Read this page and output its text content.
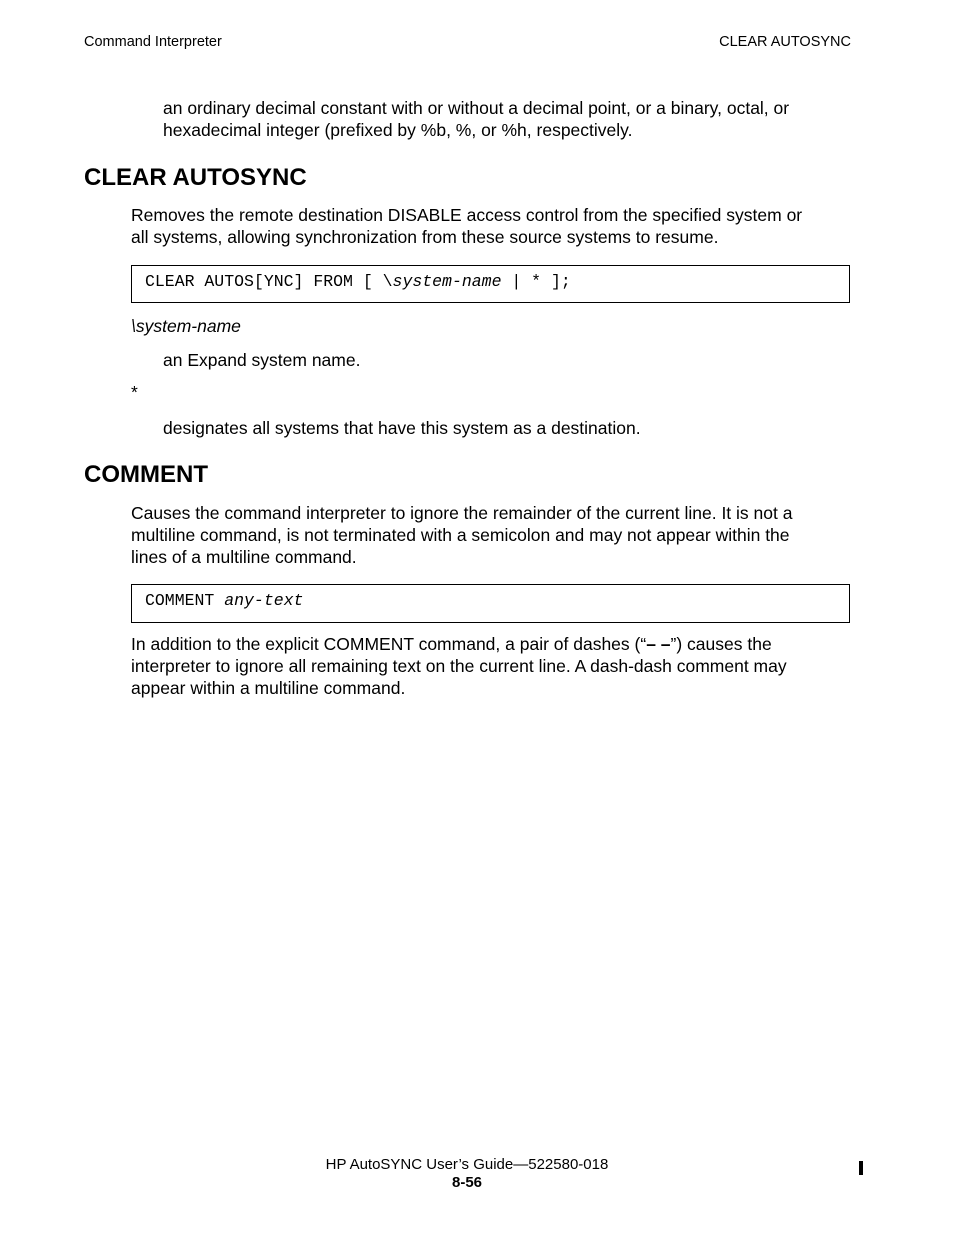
Command Interpreter	CLEAR AUTOSYNC
an ordinary decimal constant with or without a decimal point, or a binary, octal, or
hexadecimal integer (prefixed by %b, %, or %h, respectively.
CLEAR AUTOSYNC
Removes the remote destination DISABLE access control from the specified system or
all systems, allowing synchronization from these source systems to resume.
CLEAR AUTOS[YNC] FROM [ \system-name | * ];
\system-name
an Expand system name.
*
designates all systems that have this system as a destination.
COMMENT
Causes the command interpreter to ignore the remainder of the current line. It is not a
multiline command, is not terminated with a semicolon and may not appear within the
lines of a multiline command.
COMMENT any-text
In addition to the explicit COMMENT command, a pair of dashes (“– –”) causes the
interpreter to ignore all remaining text on the current line. A dash-dash comment may
appear within a multiline command.
HP AutoSYNC User’s Guide—522580-018
8-56
